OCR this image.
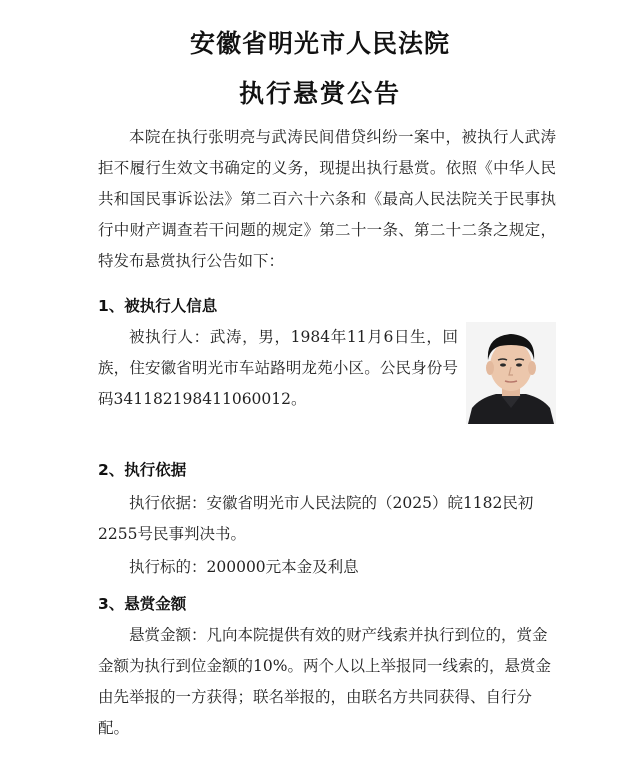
安徽省明光市人民法院
执行悬赏公告

本院在执行张明亮与武涛民间借贷纠纷一案中，被执行人武涛拒不履行生效文书确定的义务，现提出执行悬赏。依照《中华人民共和国民事诉讼法》第二百六十六条和《最高人民法院关于民事执行中财产调查若干问题的规定》第二十一条、第二十二条之规定，特发布悬赏执行公告如下：

1、被执行人信息

被执行人：武涛，男，1984年11月6日生，回族，住安徽省明光市车站路明龙苑小区。公民身份号码341182198411060012。

2、执行依据

执行依据：安徽省明光市人民法院的（2025）皖1182民初2255号民事判决书。

执行标的：200000元本金及利息

3、悬赏金额

悬赏金额：凡向本院提供有效的财产线索并执行到位的，赏金金额为执行到位金额的10%。两个人以上举报同一线索的，悬赏金由先举报的一方获得；联名举报的，由联名方共同获得、自行分配。
